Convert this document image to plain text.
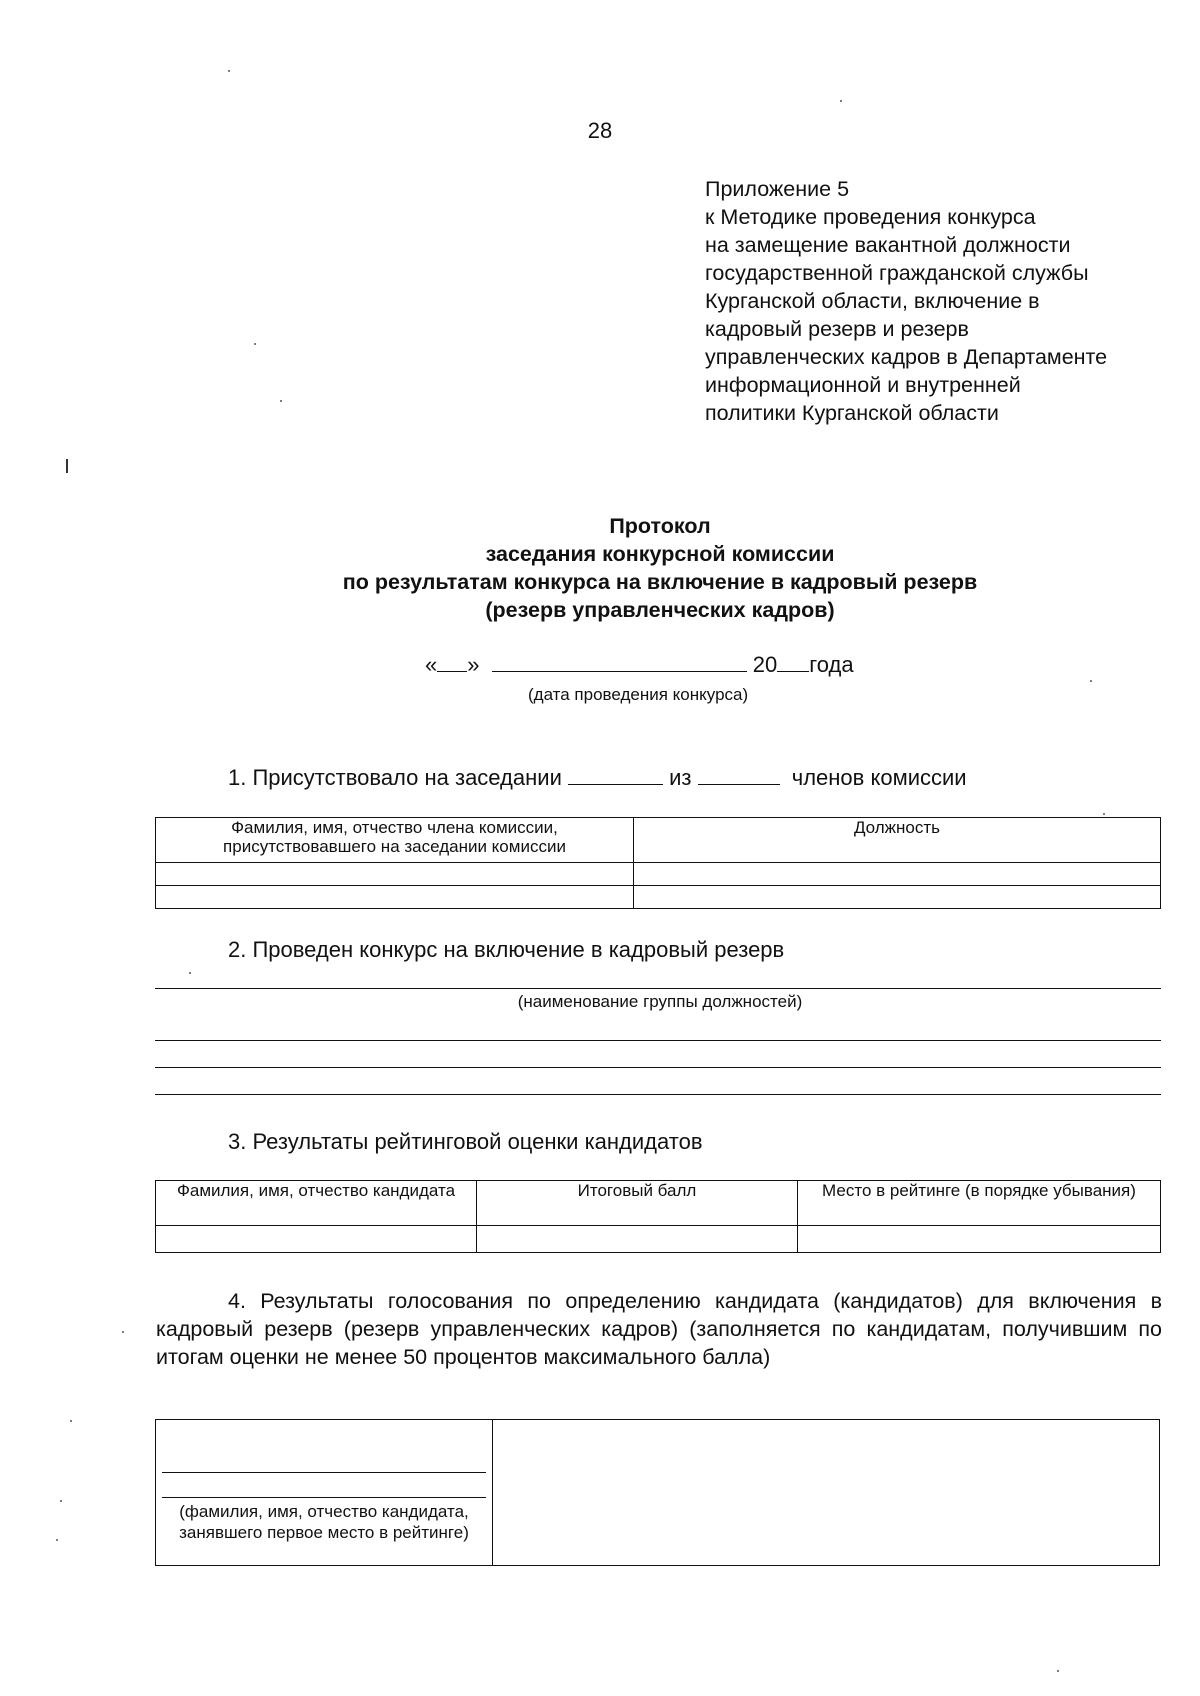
28
Приложение 5
к Методике проведения конкурса
на замещение вакантной должности
государственной гражданской службы
Курганской области, включение в
кадровый резерв и резерв
управленческих кадров в Департаменте
информационной и внутренней
политики Курганской области
Протокол
заседания конкурсной комиссии
по результатам конкурса на включение в кадровый резерв
(резерв управленческих кадров)
« »	20 года
(дата проведения конкурса)
1. Присутствовало на заседании	из	членов комиссии
Фамилия, имя, отчество члена комиссии, присутствовавшего на заседании комиссии	Должность

2. Проведен конкурс на включение в кадровый резерв
(наименование группы должностей)
3. Результаты рейтинговой оценки кандидатов
Фамилия, имя, отчество кандидата	Итоговый балл	Место в рейтинге (в порядке убывания)

4. Результаты голосования по определению кандидата (кандидатов) для включения в кадровый резерв (резерв управленческих кадров) (заполняется по кандидатам, получившим по итогам оценки не менее 50 процентов максимального балла)
(фамилия, имя, отчество кандидата, занявшего первое место в рейтинге)
